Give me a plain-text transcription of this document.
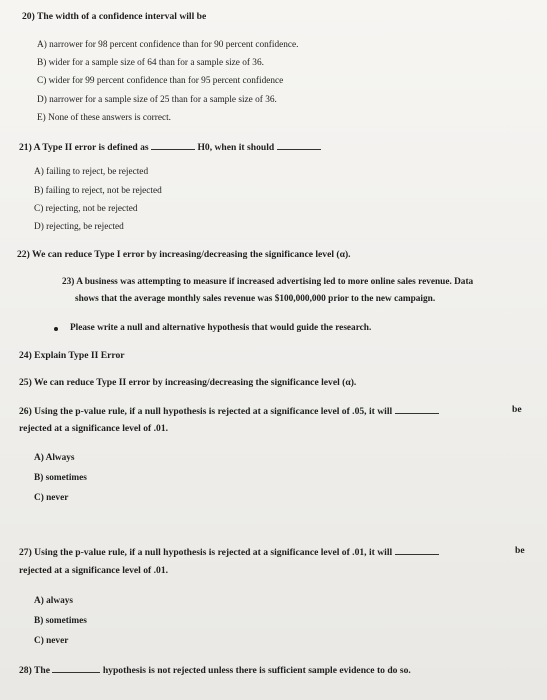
20) The width of a confidence interval will be
A) narrower for 98 percent confidence than for 90 percent confidence.
B) wider for a sample size of 64 than for a sample size of 36.
C) wider for 99 percent confidence than for 95 percent confidence
D) narrower for a sample size of 25 than for a sample size of 36.
E) None of these answers is correct.
21) A Type II error is defined as	H0, when it should
A) failing to reject, be rejected
B) failing to reject, not be rejected
C) rejecting, not be rejected
D) rejecting, be rejected
22) We can reduce Type I error by increasing/decreasing the significance level (α).
23) A business was attempting to measure if increased advertising led to more online sales revenue. Data
shows that the average monthly sales revenue was $100,000,000 prior to the new campaign.
Please write a null and alternative hypothesis that would guide the research.
24) Explain Type II Error
25) We can reduce Type II error by increasing/decreasing the significance level (α).
26) Using the p-value rule, if a null hypothesis is rejected at a significance level of .05, it will	be
rejected at a significance level of .01.
A) Always
B) sometimes
C) never
27) Using the p-value rule, if a null hypothesis is rejected at a significance level of .01, it will	be
rejected at a significance level of .01.
A) always
B) sometimes
C) never
28) The	hypothesis is not rejected unless there is sufficient sample evidence to do so.
